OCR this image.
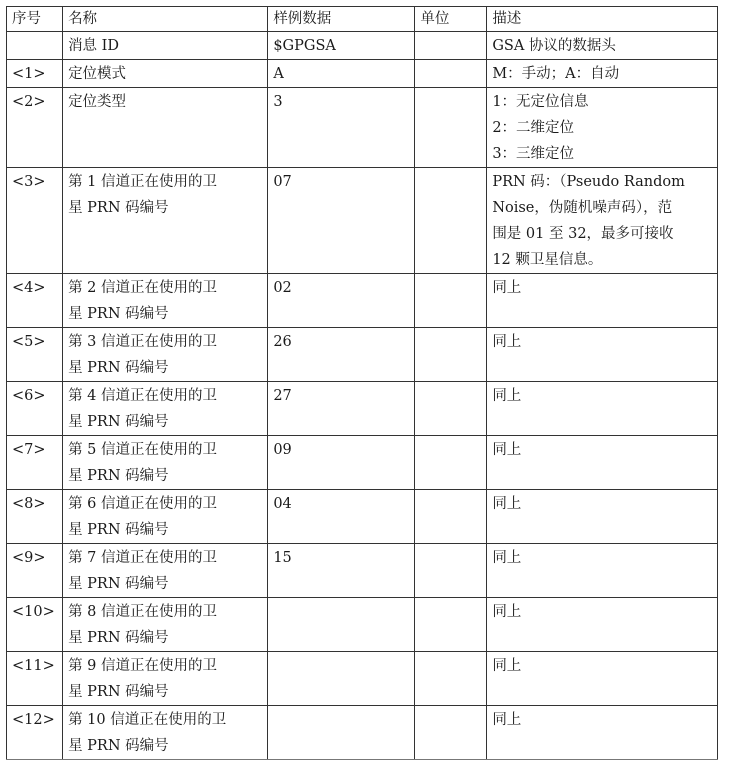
序号	名称	样例数据	单位	描述

	消息 ID	$GPGSA		GSA 协议的数据头

<1>	定位模式	A		M：手动；A：自动

<2>	定位类型	3		1：无定位信息
2：二维定位
3：三维定位

<3>	第 1 信道正在使用的卫
星 PRN 码编号	07		PRN 码：（Pseudo Random
Noise，伪随机噪声码），范
围是 01 至 32，最多可接收
12 颗卫星信息。

<4>	第 2 信道正在使用的卫
星 PRN 码编号	02		同上

<5>	第 3 信道正在使用的卫
星 PRN 码编号	26		同上

<6>	第 4 信道正在使用的卫
星 PRN 码编号	27		同上

<7>	第 5 信道正在使用的卫
星 PRN 码编号	09		同上

<8>	第 6 信道正在使用的卫
星 PRN 码编号	04		同上

<9>	第 7 信道正在使用的卫
星 PRN 码编号	15		同上

<10>	第 8 信道正在使用的卫
星 PRN 码编号			同上

<11>	第 9 信道正在使用的卫
星 PRN 码编号			同上

<12>	第 10 信道正在使用的卫
星 PRN 码编号			同上
